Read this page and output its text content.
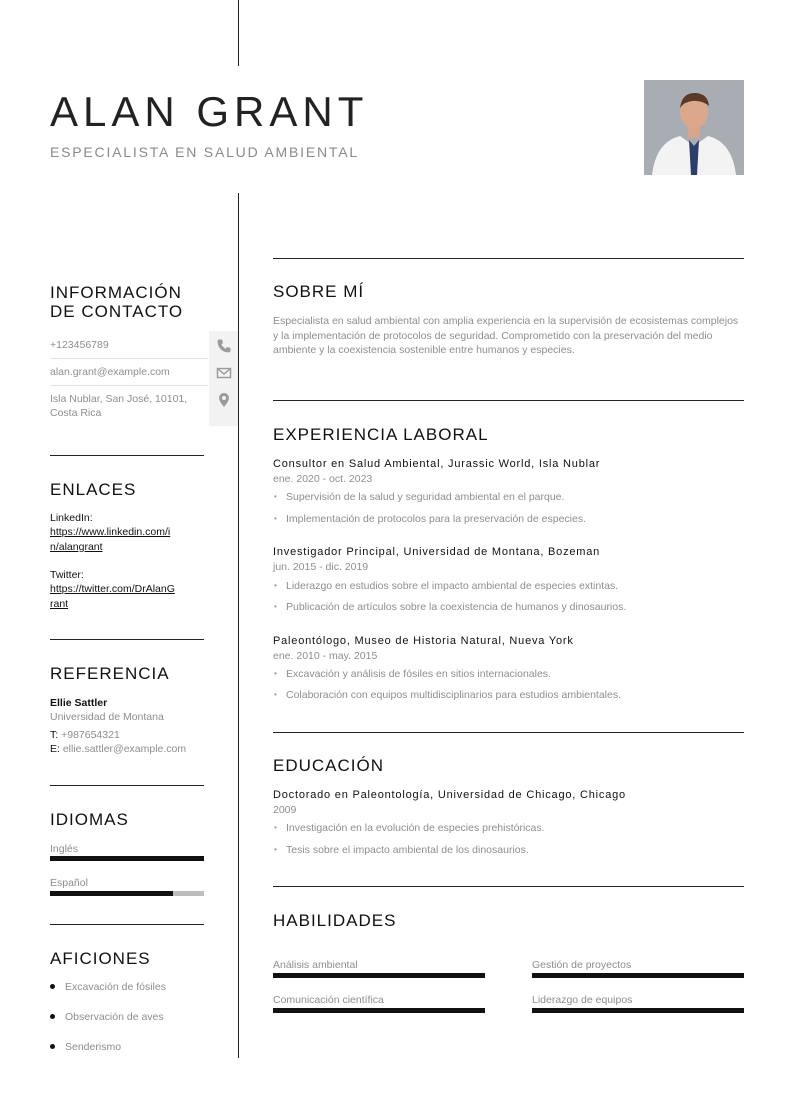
ALAN GRANT
ESPECIALISTA EN SALUD AMBIENTAL
INFORMACIÓN
DE CONTACTO
+123456789
alan.grant@example.com
Isla Nublar, San José, 10101,
Costa Rica
ENLACES
LinkedIn:
https://www.linkedin.com/i
n/alangrant
Twitter:
https://twitter.com/DrAlanG
rant
REFERENCIA
Ellie Sattler
Universidad de Montana
T: +987654321
E: ellie.sattler@example.com
IDIOMAS
Inglés
Español
AFICIONES
Excavación de fósiles
Observación de aves
Senderismo
SOBRE MÍ
Especialista en salud ambiental con amplia experiencia en la supervisión de ecosistemas complejos y la implementación de protocolos de seguridad. Comprometido con la preservación del medio ambiente y la coexistencia sostenible entre humanos y especies.
EXPERIENCIA LABORAL
Consultor en Salud Ambiental, Jurassic World, Isla Nublar
ene. 2020 - oct. 2023
• Supervisión de la salud y seguridad ambiental en el parque.
• Implementación de protocolos para la preservación de especies.
Investigador Principal, Universidad de Montana, Bozeman
jun. 2015 - dic. 2019
• Liderazgo en estudios sobre el impacto ambiental de especies extintas.
• Publicación de artículos sobre la coexistencia de humanos y dinosaurios.
Paleontólogo, Museo de Historia Natural, Nueva York
ene. 2010 - may. 2015
• Excavación y análisis de fósiles en sitios internacionales.
• Colaboración con equipos multidisciplinarios para estudios ambientales.
EDUCACIÓN
Doctorado en Paleontología, Universidad de Chicago, Chicago
2009
• Investigación en la evolución de especies prehistóricas.
• Tesis sobre el impacto ambiental de los dinosaurios.
HABILIDADES
Análisis ambiental	Gestión de proyectos
Comunicación científica	Liderazgo de equipos
